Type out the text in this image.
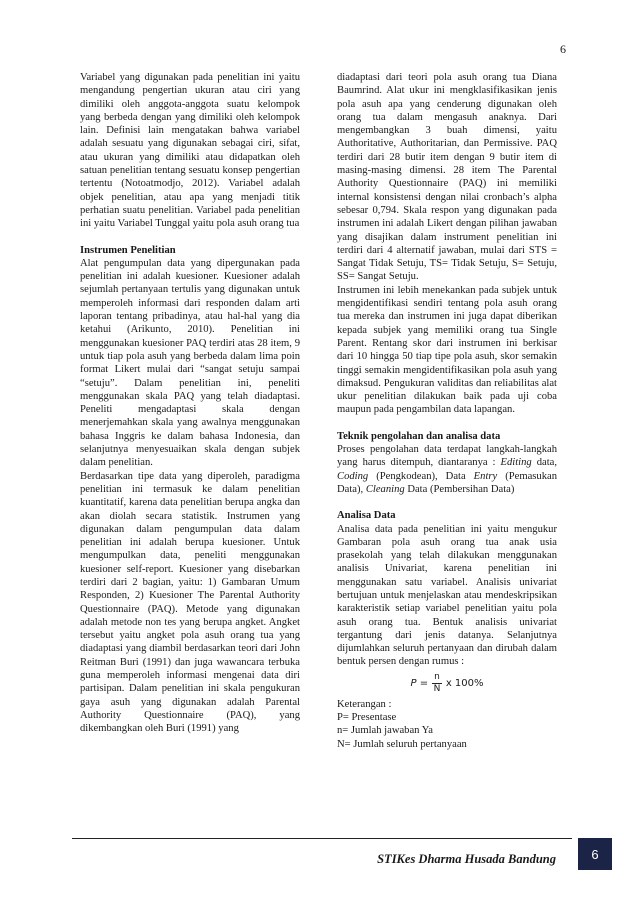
6

Variabel yang digunakan pada penelitian ini yaitu mengandung pengertian ukuran atau ciri yang dimiliki oleh anggota-anggota suatu kelompok yang berbeda dengan yang dimiliki oleh kelompok lain. Definisi lain mengatakan bahwa variabel adalah sesuatu yang digunakan sebagai ciri, sifat, atau ukuran yang dimiliki atau didapatkan oleh satuan penelitian tentang sesuatu konsep pengertian tertentu (Notoatmodjo, 2012). Variabel adalah objek penelitian, atau apa yang menjadi titik perhatian suatu penelitian. Variabel pada penelitian ini yaitu Variabel Tunggal yaitu pola asuh orang tua

Instrumen Penelitian

Alat pengumpulan data yang dipergunakan pada penelitian ini adalah kuesioner. Kuesioner adalah sejumlah pertanyaan tertulis yang digunakan untuk memperoleh informasi dari responden dalam arti laporan tentang pribadinya, atau hal-hal yang dia ketahui (Arikunto, 2010). Penelitian ini menggunakan kuesioner PAQ terdiri atas 28 item, 9 untuk tiap pola asuh yang berbeda dalam lima poin format Likert mulai dari “sangat setuju sampai “setuju”. Dalam penelitian ini, peneliti menggunakan skala PAQ yang telah diadaptasi. Peneliti mengadaptasi skala dengan menerjemahkan skala yang awalnya menggunakan bahasa Inggris ke dalam bahasa Indonesia, dan selanjutnya menyesuaikan skala dengan subjek dalam penelitian.

Berdasarkan tipe data yang diperoleh, paradigma penelitian ini termasuk ke dalam penelitian kuantitatif, karena data penelitian berupa angka dan akan diolah secara statistik. Instrumen yang digunakan dalam pengumpulan data dalam penelitian ini adalah berupa kuesioner. Untuk mengumpulkan data, peneliti menggunakan kuesioner self-report. Kuesioner yang disebarkan terdiri dari 2 bagian, yaitu: 1) Gambaran Umum Responden, 2) Kuesioner The Parental Authority Questionnaire (PAQ). Metode yang digunakan adalah metode non tes yang berupa angket. Angket tersebut yaitu angket pola asuh orang tua yang diadaptasi yang diambil berdasarkan teori dari John Reitman Buri (1991) dan juga wawancara terbuka guna memperoleh informasi mengenai data diri partisipan. Dalam penelitian ini skala pengukuran gaya asuh yang digunakan adalah Parental Authority Questionnaire (PAQ), yang dikembangkan oleh Buri (1991) yang

diadaptasi dari teori pola asuh orang tua Diana Baumrind. Alat ukur ini mengklasifikasikan jenis pola asuh apa yang cenderung digunakan oleh orang tua dalam mengasuh anaknya. Dari mengembangkan 3 buah dimensi, yaitu Authoritative, Authoritarian, dan Permissive. PAQ terdiri dari 28 butir item dengan 9 butir item di masing-masing dimensi. 28 item The Parental Authority Questionnaire (PAQ) ini memiliki internal konsistensi dengan nilai cronbach’s alpha sebesar 0,794. Skala respon yang digunakan pada instrumen ini adalah Likert dengan pilihan jawaban yang disajikan dalam instrument penelitian ini terdiri dari 4 alternatif jawaban, mulai dari STS = Sangat Tidak Setuju, TS= Tidak Setuju, S= Setuju, SS= Sangat Setuju.

Instrumen ini lebih menekankan pada subjek untuk mengidentifikasi sendiri tentang pola asuh orang tua mereka dan instrumen ini juga dapat diberikan kepada subjek yang memiliki orang tua Single Parent. Rentang skor dari instrumen ini berkisar dari 10 hingga 50 tiap tipe pola asuh, skor semakin tinggi semakin mengidentifikasikan pola asuh yang dimaksud. Pengukuran validitas dan reliabilitas alat ukur penelitian dilakukan baik pada uji coba maupun pada pengambilan data lapangan.

Teknik pengolahan dan analisa data

Proses pengolahan data terdapat langkah-langkah yang harus ditempuh, diantaranya : Editing data, Coding (Pengkodean), Data Entry (Pemasukan Data), Cleaning Data (Pembersihan Data)

Analisa Data

Analisa data pada penelitian ini yaitu mengukur Gambaran pola asuh orang tua anak usia prasekolah yang telah dilakukan menggunakan analisis Univariat, karena penelitian ini menggunakan satu variabel. Analisis univariat bertujuan untuk menjelaskan atau mendeskripsikan karakteristik setiap variabel penelitian yaitu pola asuh orang tua. Bentuk analisis univariat tergantung dari jenis datanya. Selanjutnya dijumlahkan seluruh pertanyaan dan dirubah dalam bentuk persen dengan rumus :

$P = \frac{n}{N}$ x 100%

Keterangan :

P= Presentase

n= Jumlah jawaban Ya

N= Jumlah seluruh pertanyaan

STIKes Dharma Husada Bandung	6
